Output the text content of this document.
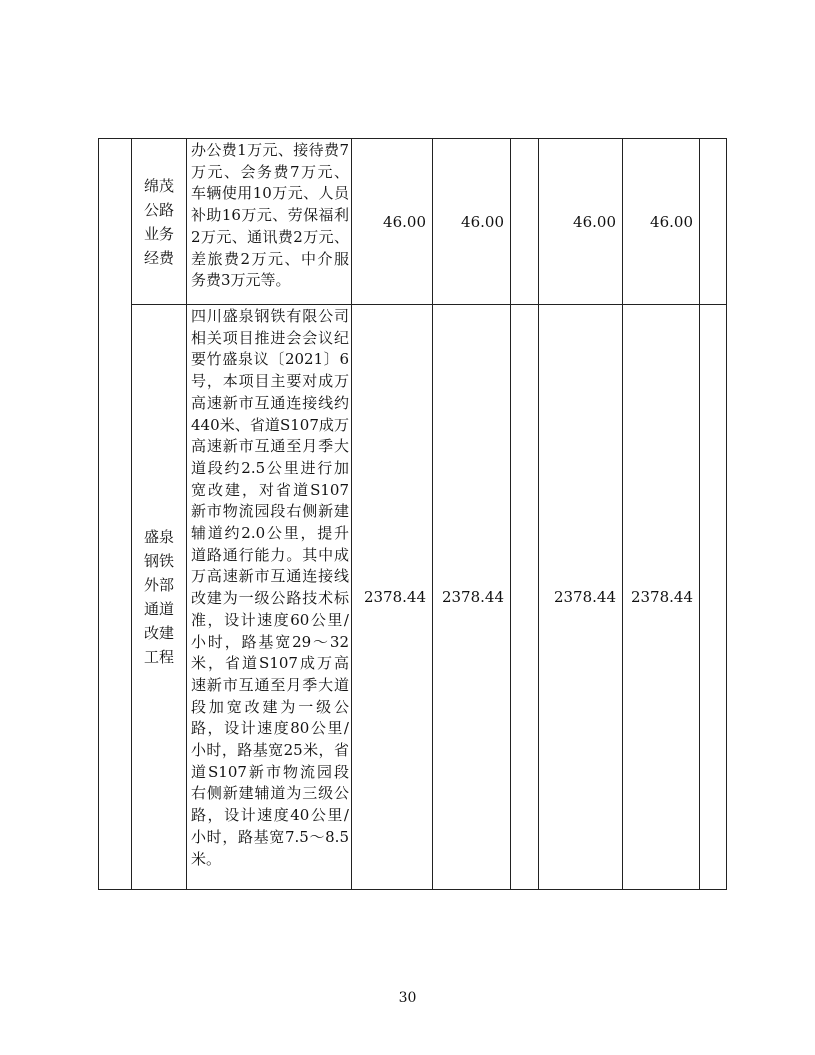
	绵茂公路业务经费	办公费1万元、接待费7万元、会务费7万元、车辆使用10万元、人员补助16万元、劳保福利2万元、通讯费2万元、差旅费2万元、中介服务费3万元等。	46.00	46.00		46.00	46.00	
	盛泉钢铁外部通道改建工程	四川盛泉钢铁有限公司相关项目推进会会议纪要竹盛泉议〔2021〕6号，本项目主要对成万高速新市互通连接线约440米、省道S107成万高速新市互通至月季大道段约2.5公里进行加宽改建，对省道S107新市物流园段右侧新建辅道约2.0公里，提升道路通行能力。其中成万高速新市互通连接线改建为一级公路技术标准，设计速度60公里/小时，路基宽29～32米，省道S107成万高速新市互通至月季大道段加宽改建为一级公路，设计速度80公里/小时，路基宽25米，省道S107新市物流园段右侧新建辅道为三级公路，设计速度40公里/小时，路基宽7.5～8.5米。	2378.44	2378.44		2378.44	2378.44	
30
